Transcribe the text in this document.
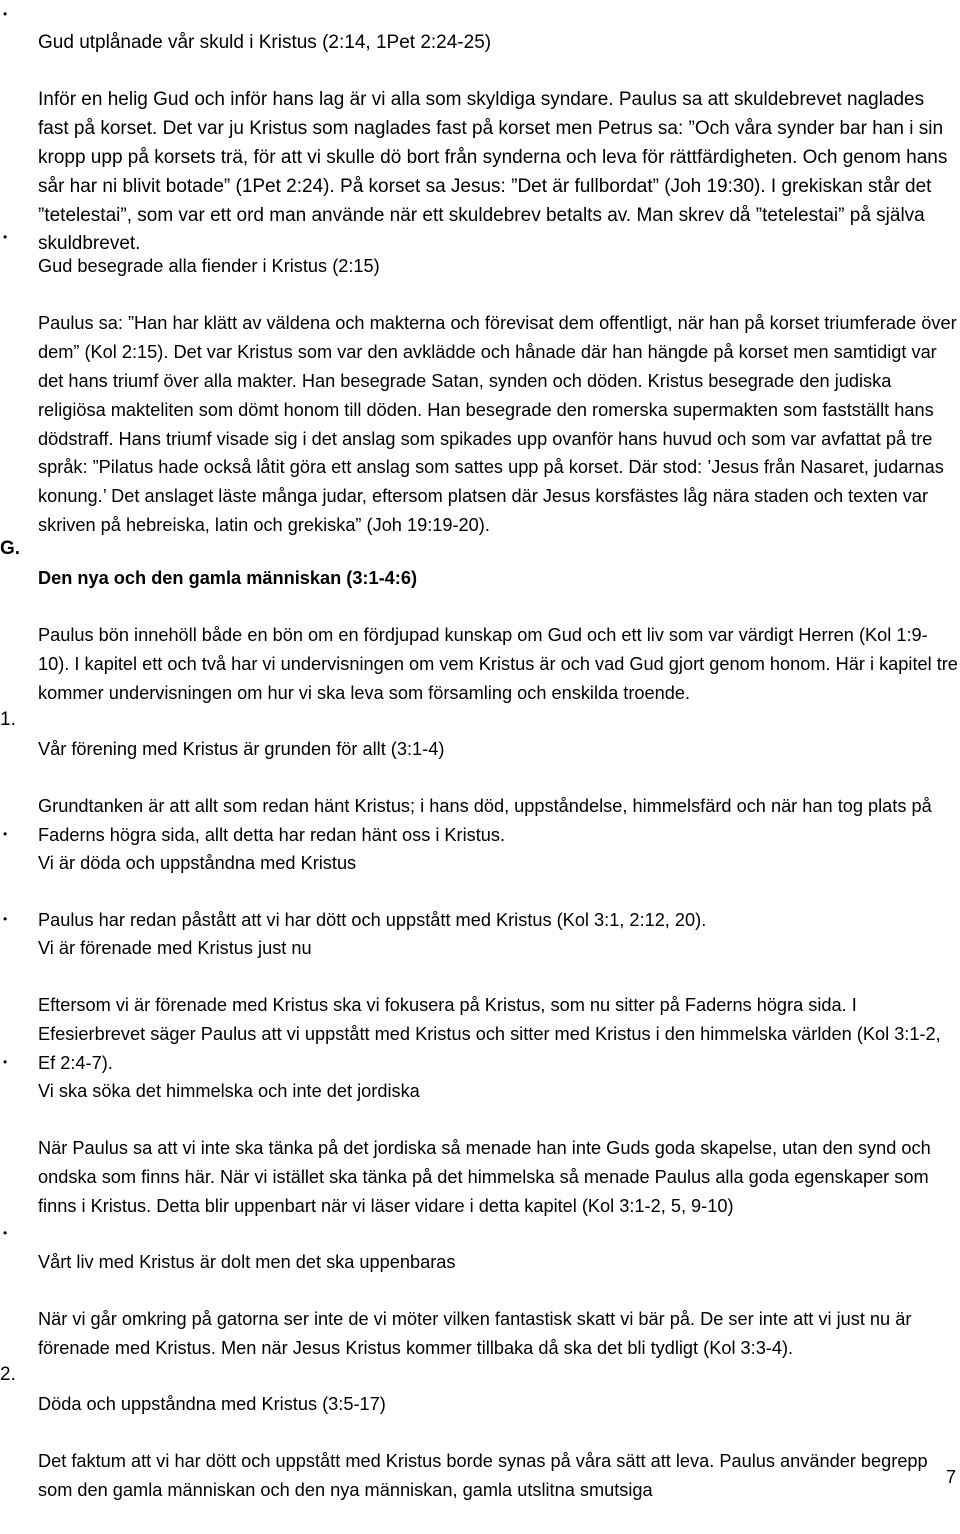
•

Gud utplånade vår skuld i Kristus (2:14, 1Pet 2:24-25)

Inför en helig Gud och inför hans lag är vi alla som skyldiga syndare. Paulus sa att skuldebrevet naglades fast på korset. Det var ju Kristus som naglades fast på korset men Petrus sa: ”Och våra synder bar han i sin kropp upp på korsets trä, för att vi skulle dö bort från synderna och leva för rättfärdigheten. Och genom hans sår har ni blivit botade” (1Pet 2:24). På korset sa Jesus: ”Det är fullbordat” (Joh 19:30). I grekiskan står det ”tetelestai”, som var ett ord man använde när ett skuldebrev betalts av. Man skrev då ”tetelestai” på själva skuldbrevet.

•

Gud besegrade alla fiender i Kristus (2:15)

Paulus sa: ”Han har klätt av väldena och makterna och förevisat dem offentligt, när han på korset triumferade över dem” (Kol 2:15). Det var Kristus som var den avklädde och hånade där han hängde på korset men samtidigt var det hans triumf över alla makter. Han besegrade Satan, synden och döden. Kristus besegrade den judiska religiösa makteliten som dömt honom till döden. Han besegrade den romerska supermakten som fastställt hans dödstraff. Hans triumf visade sig i det anslag som spikades upp ovanför hans huvud och som var avfattat på tre språk: ”Pilatus hade också låtit göra ett anslag som sattes upp på korset. Där stod: ’Jesus från Nasaret, judarnas konung.’ Det anslaget läste många judar, eftersom platsen där Jesus korsfästes låg nära staden och texten var skriven på hebreiska, latin och grekiska” (Joh 19:19-20).

G.

Den nya och den gamla människan (3:1-4:6)

Paulus bön innehöll både en bön om en fördjupad kunskap om Gud och ett liv som var värdigt Herren (Kol 1:9-10). I kapitel ett och två har vi undervisningen om vem Kristus är och vad Gud gjort genom honom. Här i kapitel tre kommer undervisningen om hur vi ska leva som församling och enskilda troende.

1.

Vår förening med Kristus är grunden för allt (3:1-4)

Grundtanken är att allt som redan hänt Kristus; i hans död, uppståndelse, himmelsfärd och när han tog plats på Faderns högra sida, allt detta har redan hänt oss i Kristus.

•

Vi är döda och uppståndna med Kristus

Paulus har redan påstått att vi har dött och uppstått med Kristus (Kol 3:1, 2:12, 20).

•

Vi är förenade med Kristus just nu

Eftersom vi är förenade med Kristus ska vi fokusera på Kristus, som nu sitter på Faderns högra sida. I Efesierbrevet säger Paulus att vi uppstått med Kristus och sitter med Kristus i den himmelska världen (Kol 3:1-2, Ef 2:4-7).

•

Vi ska söka det himmelska och inte det jordiska

När Paulus sa att vi inte ska tänka på det jordiska så menade han inte Guds goda skapelse, utan den synd och ondska som finns här. När vi istället ska tänka på det himmelska så menade Paulus alla goda egenskaper som finns i Kristus. Detta blir uppenbart när vi läser vidare i detta kapitel (Kol 3:1-2, 5, 9-10)

•

Vårt liv med Kristus är dolt men det ska uppenbaras

När vi går omkring på gatorna ser inte de vi möter vilken fantastisk skatt vi bär på. De ser inte att vi just nu är förenade med Kristus. Men när Jesus Kristus kommer tillbaka då ska det bli tydligt (Kol 3:3-4).

2.

Döda och uppståndna med Kristus (3:5-17)

Det faktum att vi har dött och uppstått med Kristus borde synas på våra sätt att leva. Paulus använder begrepp som den gamla människan och den nya människan, gamla utslitna smutsiga

7
